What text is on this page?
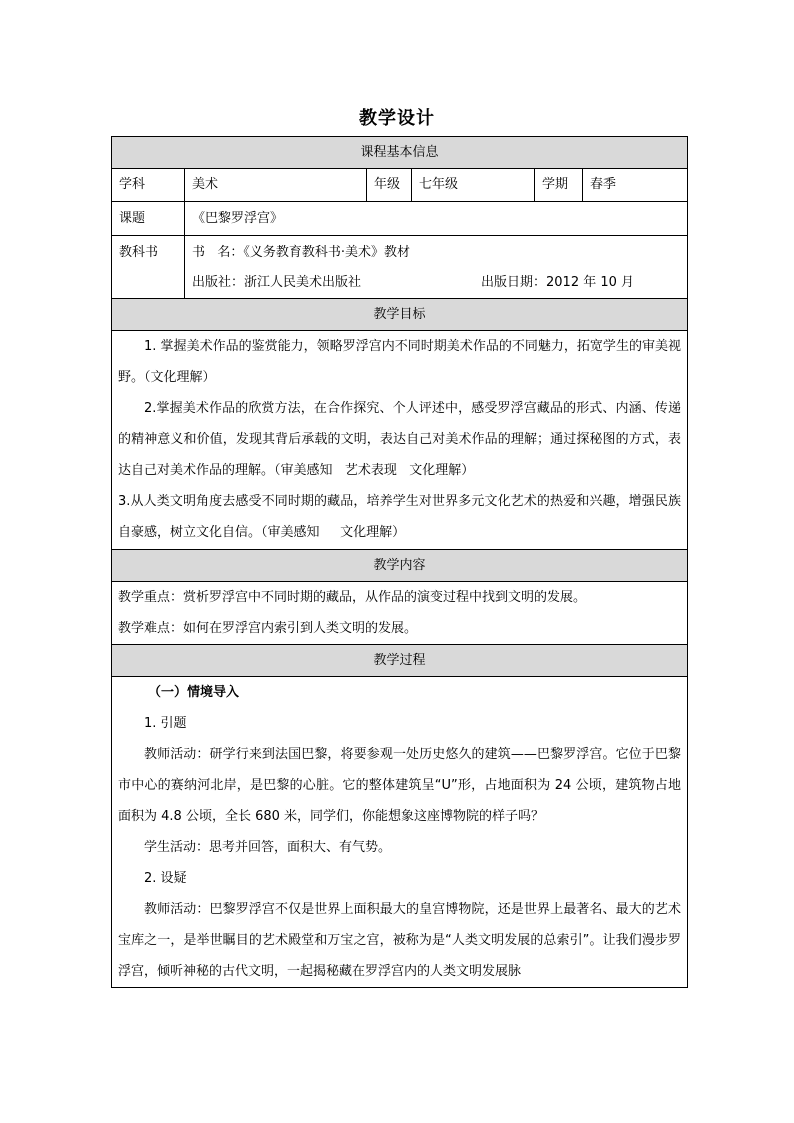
教学设计
课程基本信息
学科	美术	年级	七年级	学期	春季
课题	《巴黎罗浮宫》
教科书	书   名：《义务教育教科书·美术》教材
出版社：浙江人民美术出版社	出版日期：2012 年 10 月
教学目标
1. 掌握美术作品的鉴赏能力，领略罗浮宫内不同时期美术作品的不同魅力，拓宽学生的审美视野。（文化理解）
2.掌握美术作品的欣赏方法，在合作探究、个人评述中，感受罗浮宫藏品的形式、内涵、传递的精神意义和价值，发现其背后承载的文明，表达自己对美术作品的理解；通过探秘图的方式，表达自己对美术作品的理解。（审美感知   艺术表现   文化理解）
3.从人类文明角度去感受不同时期的藏品，培养学生对世界多元文化艺术的热爱和兴趣，增强民族自豪感，树立文化自信。（审美感知     文化理解）
教学内容
教学重点：赏析罗浮宫中不同时期的藏品，从作品的演变过程中找到文明的发展。
教学难点：如何在罗浮宫内索引到人类文明的发展。
教学过程
（一）情境导入
1. 引题
教师活动：研学行来到法国巴黎，将要参观一处历史悠久的建筑——巴黎罗浮宫。它位于巴黎市中心的赛纳河北岸，是巴黎的心脏。它的整体建筑呈“U”形，占地面积为 24 公顷，建筑物占地面积为 4.8 公顷，全长 680 米，同学们，你能想象这座博物院的样子吗？
学生活动：思考并回答，面积大、有气势。
2. 设疑
教师活动：巴黎罗浮宫不仅是世界上面积最大的皇宫博物院，还是世界上最著名、最大的艺术宝库之一，是举世瞩目的艺术殿堂和万宝之宫，被称为是“人类文明发展的总索引”。让我们漫步罗浮宫，倾听神秘的古代文明，一起揭秘藏在罗浮宫内的人类文明发展脉
